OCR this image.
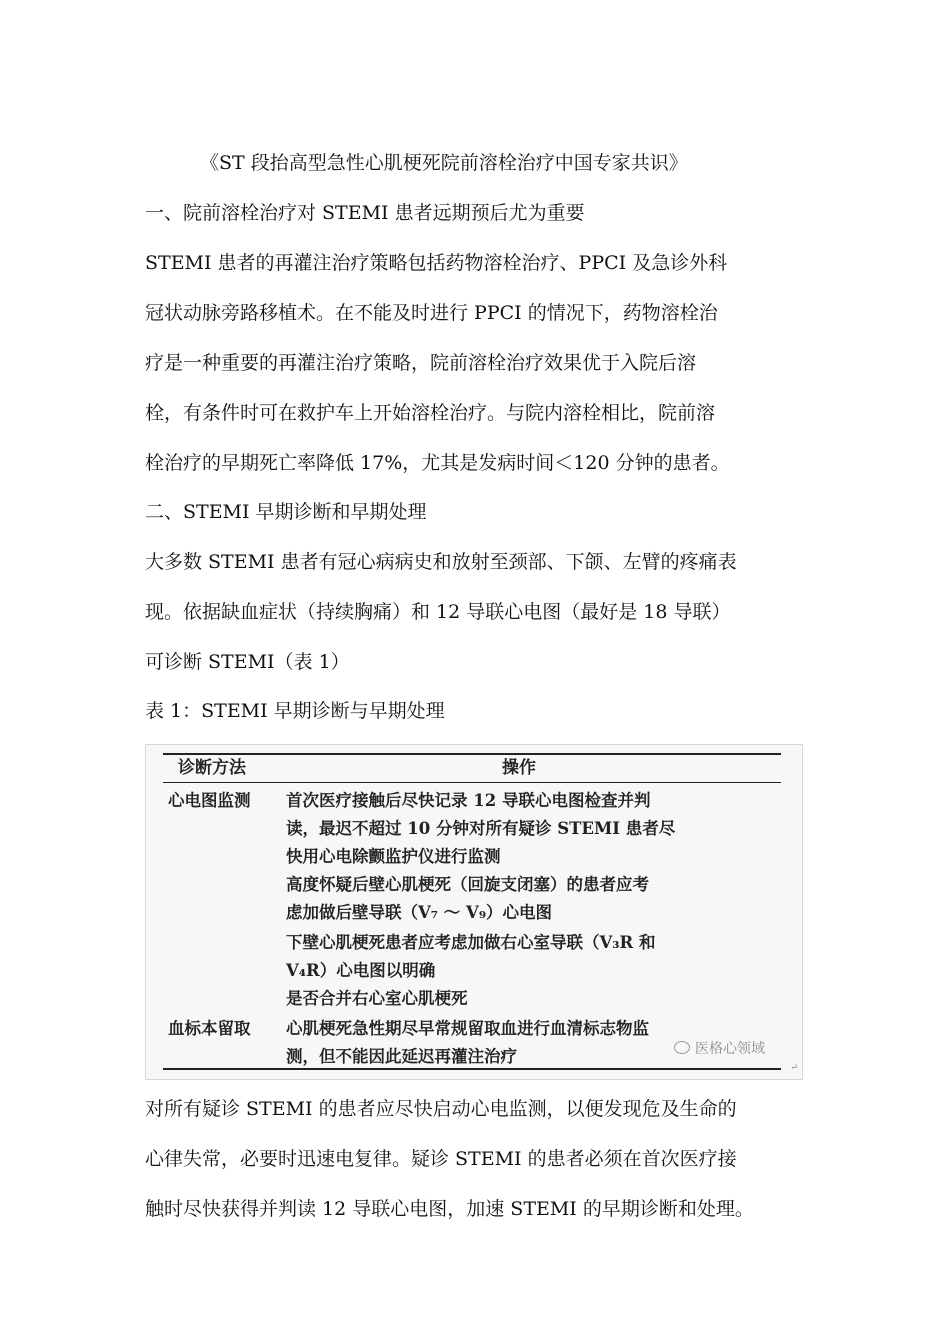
《ST 段抬高型急性心肌梗死院前溶栓治疗中国专家共识》
一、院前溶栓治疗对 STEMI 患者远期预后尤为重要
STEMI 患者的再灌注治疗策略包括药物溶栓治疗、PPCI 及急诊外科
冠状动脉旁路移植术。在不能及时进行 PPCI 的情况下，药物溶栓治
疗是一种重要的再灌注治疗策略，院前溶栓治疗效果优于入院后溶
栓，有条件时可在救护车上开始溶栓治疗。与院内溶栓相比，院前溶
栓治疗的早期死亡率降低 17%，尤其是发病时间＜120 分钟的患者。
二、STEMI 早期诊断和早期处理
大多数 STEMI 患者有冠心病病史和放射至颈部、下颌、左臂的疼痛表
现。依据缺血症状（持续胸痛）和 12 导联心电图（最好是 18 导联）
可诊断 STEMI（表 1）
表 1：STEMI 早期诊断与早期处理
诊断方法	操作
心电图监测 首次医疗接触后尽快记录 12 导联心电图检查并判
读，最迟不超过 10 分钟对所有疑诊 STEMI 患者尽
快用心电除颤监护仪进行监测
高度怀疑后壁心肌梗死（回旋支闭塞）的患者应考
虑加做后壁导联（V₇ ～ V₉）心电图
下壁心肌梗死患者应考虑加做右心室导联（V₃R 和
V₄R）心电图以明确
是否合并右心室心肌梗死
血标本留取 心肌梗死急性期尽早常规留取血进行血清标志物监
测，但不能因此延迟再灌注治疗	医格心领域
↵
对所有疑诊 STEMI 的患者应尽快启动心电监测，以便发现危及生命的
心律失常，必要时迅速电复律。疑诊 STEMI 的患者必须在首次医疗接
触时尽快获得并判读 12 导联心电图，加速 STEMI 的早期诊断和处理。
